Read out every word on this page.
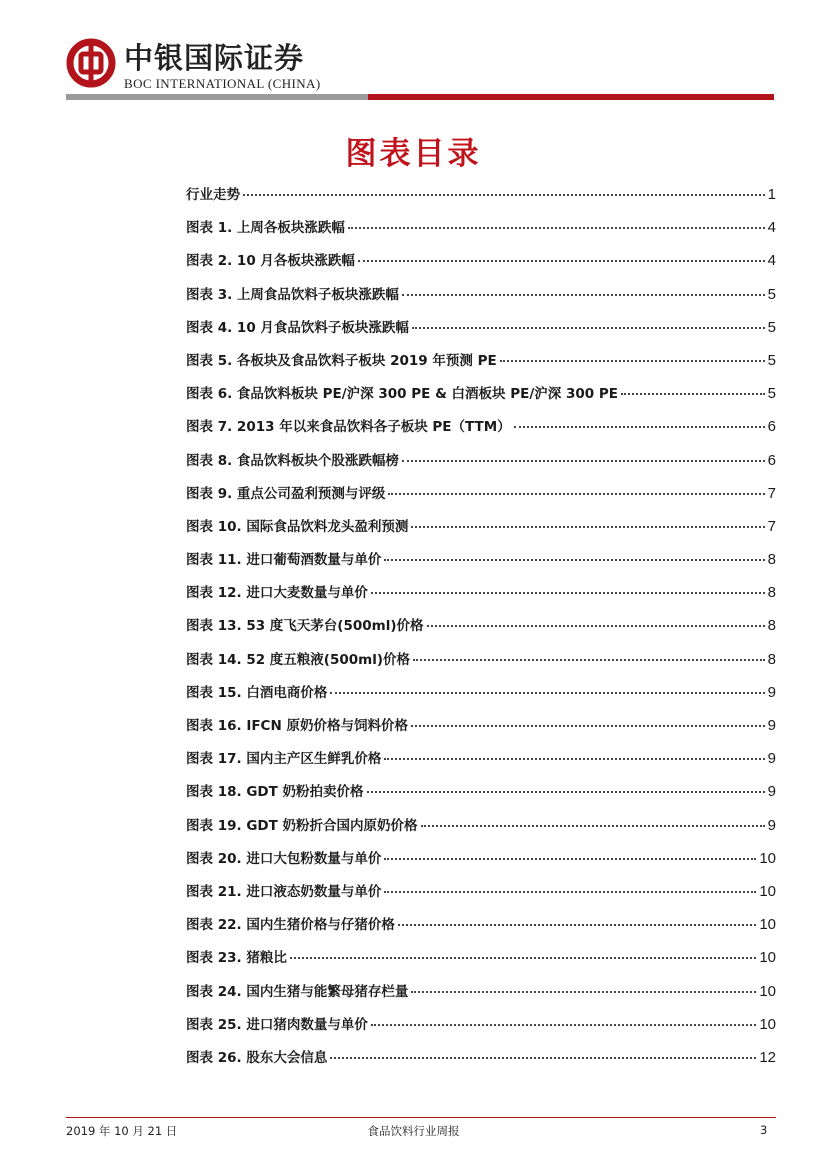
中银国际证券
BOC INTERNATIONAL (CHINA)
图表目录
行业走势	1
图表 1. 上周各板块涨跌幅	4
图表 2. 10 月各板块涨跌幅	4
图表 3. 上周食品饮料子板块涨跌幅	5
图表 4. 10 月食品饮料子板块涨跌幅	5
图表 5. 各板块及食品饮料子板块 2019 年预测 PE	5
图表 6. 食品饮料板块 PE/沪深 300 PE & 白酒板块 PE/沪深 300 PE	5
图表 7. 2013 年以来食品饮料各子板块 PE（TTM）	6
图表 8. 食品饮料板块个股涨跌幅榜	6
图表 9. 重点公司盈利预测与评级	7
图表 10. 国际食品饮料龙头盈利预测	7
图表 11. 进口葡萄酒数量与单价	8
图表 12. 进口大麦数量与单价	8
图表 13. 53 度飞天茅台(500ml)价格	8
图表 14. 52 度五粮液(500ml)价格	8
图表 15. 白酒电商价格	9
图表 16. IFCN 原奶价格与饲料价格	9
图表 17. 国内主产区生鲜乳价格	9
图表 18. GDT 奶粉拍卖价格	9
图表 19. GDT 奶粉折合国内原奶价格	9
图表 20. 进口大包粉数量与单价	10
图表 21. 进口液态奶数量与单价	10
图表 22. 国内生猪价格与仔猪价格	10
图表 23. 猪粮比	10
图表 24. 国内生猪与能繁母猪存栏量	10
图表 25. 进口猪肉数量与单价	10
图表 26. 股东大会信息	12
2019 年 10 月 21 日	食品饮料行业周报	3
